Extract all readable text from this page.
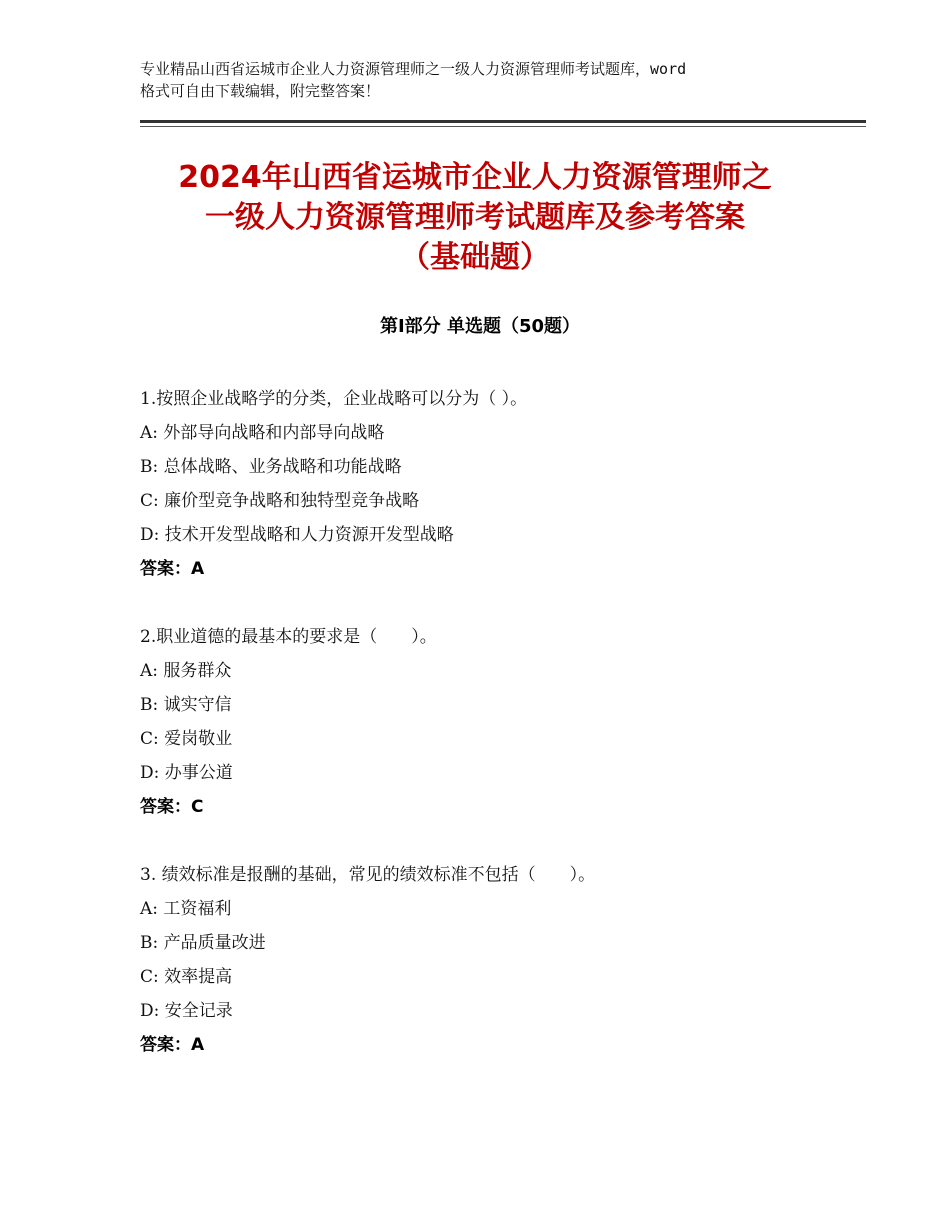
专业精品山西省运城市企业人力资源管理师之一级人力资源管理师考试题库，word
格式可自由下载编辑，附完整答案！
2024年山西省运城市企业人力资源管理师之
一级人力资源管理师考试题库及参考答案
（基础题）
第Ⅰ部分 单选题（50题）
1.按照企业战略学的分类，企业战略可以分为（ ）。
A: 外部导向战略和内部导向战略
B: 总体战略、业务战略和功能战略
C: 廉价型竞争战略和独特型竞争战略
D: 技术开发型战略和人力资源开发型战略
答案：A
2.职业道德的最基本的要求是（　　）。
A: 服务群众
B: 诚实守信
C: 爱岗敬业
D: 办事公道
答案：C
3. 绩效标准是报酬的基础，常见的绩效标准不包括（　　）。
A: 工资福利
B: 产品质量改进
C: 效率提高
D: 安全记录
答案：A
